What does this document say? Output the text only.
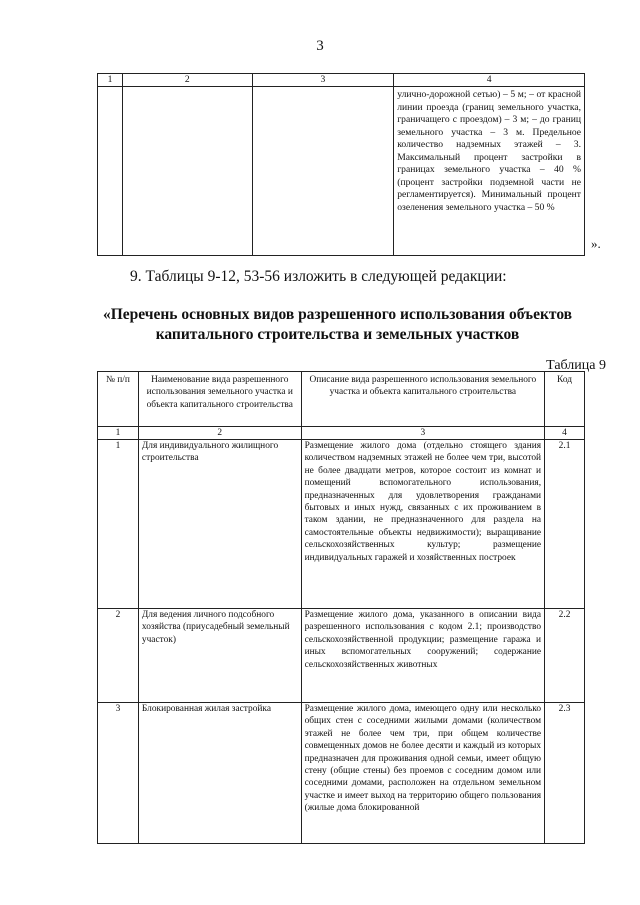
3
1	2	3	4
			улично-дорожной сетью) – 5 м; – от красной линии проезда (границ земельного участка, граничащего с проездом) – 3 м; – до границ земельного участка – 3 м. Предельное количество надземных этажей – 3. Максимальный процент застройки в границах земельного участка – 40 % (процент застройки подземной части не регламентируется). Минимальный процент озеленения земельного участка – 50 %
».
9. Таблицы 9-12, 53-56 изложить в следующей редакции:
«Перечень основных видов разрешенного использования объектов капитального строительства и земельных участков
Таблица 9
№ п/п	Наименование вида разрешенного использования земельного участка и объекта капитального строительства	Описание вида разрешенного использования земельного участка и объекта капитального строительства	Код
1	2	3	4
1	Для индивидуального жилищного строительства	Размещение жилого дома (отдельно стоящего здания количеством надземных этажей не более чем три, высотой не более двадцати метров, которое состоит из комнат и помещений вспомогательного использования, предназначенных для удовлетворения гражданами бытовых и иных нужд, связанных с их проживанием в таком здании, не предназначенного для раздела на самостоятельные объекты недвижимости); выращивание сельскохозяйственных культур; размещение индивидуальных гаражей и хозяйственных построек	2.1
2	Для ведения личного подсобного хозяйства (приусадебный земельный участок)	Размещение жилого дома, указанного в описании вида разрешенного использования с кодом 2.1; производство сельскохозяйственной продукции; размещение гаража и иных вспомогательных сооружений; содержание сельскохозяйственных животных	2.2
3	Блокированная жилая застройка	Размещение жилого дома, имеющего одну или несколько общих стен с соседними жилыми домами (количеством этажей не более чем три, при общем количестве совмещенных домов не более десяти и каждый из которых предназначен для проживания одной семьи, имеет общую стену (общие стены) без проемов с соседним домом или соседними домами, расположен на отдельном земельном участке и имеет выход на территорию общего пользования (жилые дома блокированной	2.3
